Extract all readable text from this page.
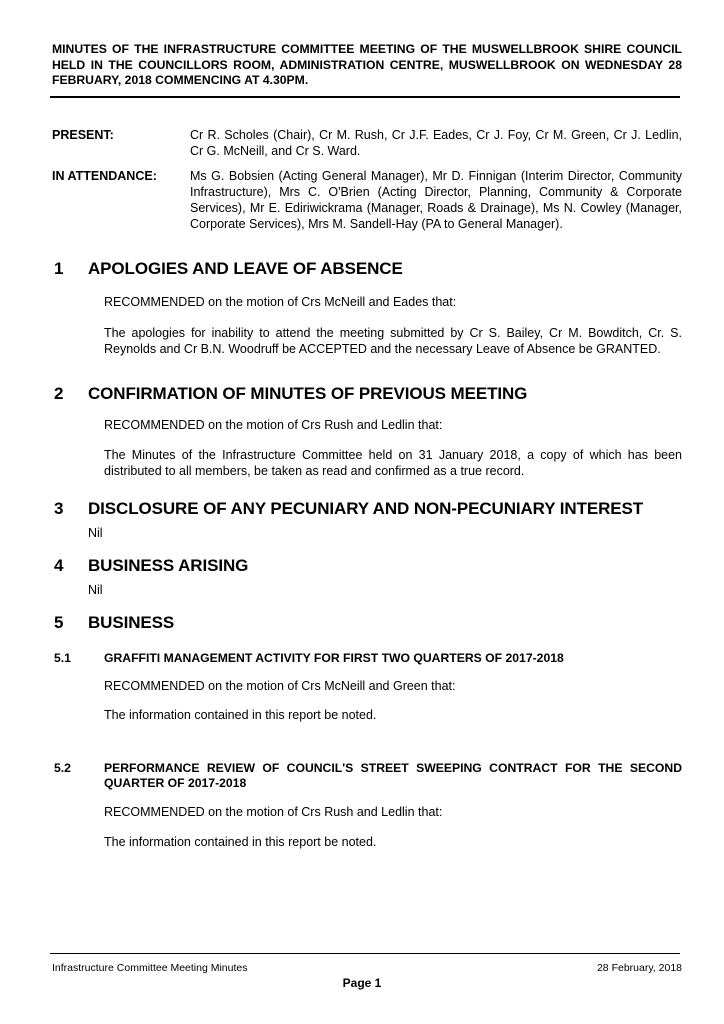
MINUTES OF THE INFRASTRUCTURE COMMITTEE MEETING OF THE MUSWELLBROOK SHIRE COUNCIL HELD IN THE COUNCILLORS ROOM, ADMINISTRATION CENTRE, MUSWELLBROOK ON WEDNESDAY 28 FEBRUARY, 2018 COMMENCING AT 4.30PM.
PRESENT:	Cr R. Scholes (Chair), Cr M. Rush, Cr J.F. Eades, Cr J. Foy, Cr M. Green, Cr J. Ledlin, Cr G. McNeill, and Cr S. Ward.
IN ATTENDANCE:	Ms G. Bobsien (Acting General Manager), Mr D. Finnigan (Interim Director, Community Infrastructure), Mrs C. O'Brien (Acting Director, Planning, Community & Corporate Services), Mr E. Ediriwickrama (Manager, Roads & Drainage), Ms N. Cowley (Manager, Corporate Services), Mrs M. Sandell-Hay (PA to General Manager).
1 APOLOGIES AND LEAVE OF ABSENCE
RECOMMENDED on the motion of Crs McNeill and Eades that:
The apologies for inability to attend the meeting submitted by Cr S. Bailey, Cr M. Bowditch, Cr. S. Reynolds and Cr B.N. Woodruff be ACCEPTED and the necessary Leave of Absence be GRANTED.
2 CONFIRMATION OF MINUTES OF PREVIOUS MEETING
RECOMMENDED on the motion of Crs Rush and Ledlin that:
The Minutes of the Infrastructure Committee held on 31 January 2018, a copy of which has been distributed to all members, be taken as read and confirmed as a true record.
3 DISCLOSURE OF ANY PECUNIARY AND NON-PECUNIARY INTEREST
Nil
4 BUSINESS ARISING
Nil
5 BUSINESS
5.1	GRAFFITI MANAGEMENT ACTIVITY FOR FIRST TWO QUARTERS OF 2017-2018
RECOMMENDED on the motion of Crs McNeill and Green that:
The information contained in this report be noted.
5.2	PERFORMANCE REVIEW OF COUNCIL'S STREET SWEEPING CONTRACT FOR THE SECOND QUARTER OF 2017-2018
RECOMMENDED on the motion of Crs Rush and Ledlin that:
The information contained in this report be noted.
Infrastructure Committee Meeting Minutes	28 February, 2018
Page 1
